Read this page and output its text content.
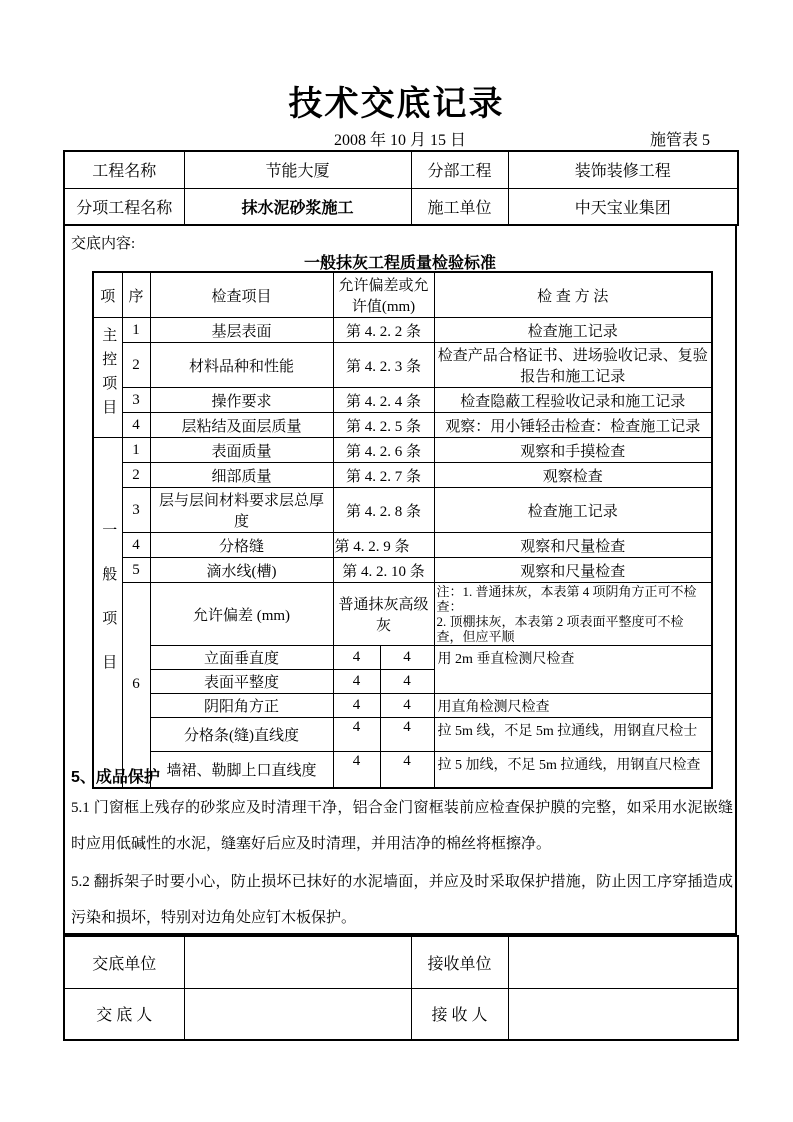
技术交底记录
2008 年 10 月 15 日	施管表 5
工程名称	节能大厦	分部工程	装饰装修工程
分项工程名称	抹水泥砂浆施工	施工单位	中天宝业集团
交底内容:
一般抹灰工程质量检验标准
项	序	检查项目	允许偏差或允许值(mm)		检 查 方 法
主控项目	1	基层表面	第 4. 2. 2 条		检查施工记录
	2	材料品种和性能	第 4. 2. 3 条		检查产品合格证书、进场验收记录、复验报告和施工记录
	3	操作要求	第 4. 2. 4 条		检查隐蔽工程验收记录和施工记录
	4	层粘结及面层质量	第 4. 2. 5 条		观察：用小锤轻击检查：检查施工记录
一般项目	1	表面质量	第 4. 2. 6 条		观察和手摸检查
	2	细部质量	第 4. 2. 7 条		观察检查
	3	层与层间材料要求层总厚度	第 4. 2. 8 条		检查施工记录
	4	分格缝	第 4. 2. 9 条		观察和尺量检查
	5	滴水线(槽)	第 4. 2. 10 条		观察和尺量检查
	6	允许偏差 (mm)	普通抹灰高级灰		注：1. 普通抹灰，本表第 4 项阴角方正可不检查：
2. 顶棚抹灰，本表第 2 项表面平整度可不检查，但应平顺

		立面垂直度	4	4	用 2m 垂直检测尺检查
		表面平整度	4	4	
		阴阳角方正	4	4	用直角检测尺检查
		分格条(缝)直线度	4	4	拉 5m 线，不足 5m 拉通线，用钢直尺检士
		墙裙、勒脚上口直线度	4	4	拉 5 加线，不足 5m 拉通线，用钢直尺检查
5、成品保护
5.1 门窗框上残存的砂浆应及时清理干净，铝合金门窗框装前应检查保护膜的完整，如采用水泥嵌缝时应用低碱性的水泥，缝塞好后应及时清理，并用洁净的棉丝将框擦净。
5.2 翻拆架子时要小心，防止损坏已抹好的水泥墙面，并应及时采取保护措施，防止因工序穿插造成污染和损坏，特别对边角处应钉木板保护。
交底单位		接收单位	
交 底 人		接 收 人	
